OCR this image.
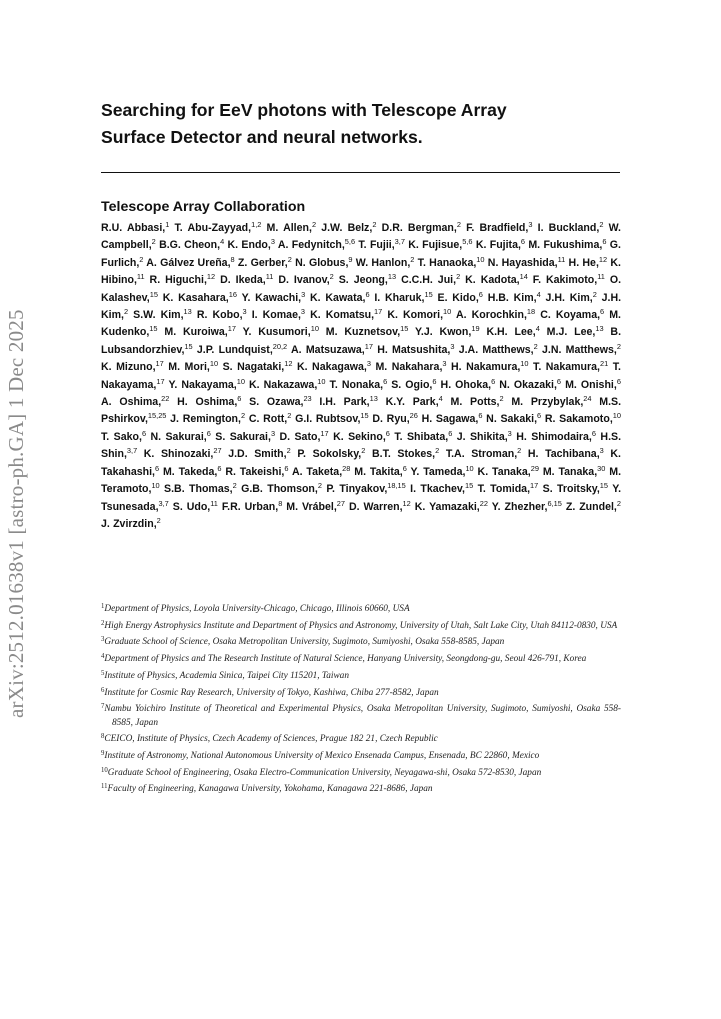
arXiv:2512.01638v1 [astro-ph.GA] 1 Dec 2025
Searching for EeV photons with Telescope Array
Surface Detector and neural networks.
Telescope Array Collaboration
R.U. Abbasi,$^1$ T. Abu-Zayyad,$^{1,2}$ M. Allen,$^2$ J.W. Belz,$^2$ D.R. Bergman,$^2$ F. Bradfield,$^3$ I. Buckland,$^2$ W. Campbell,$^2$ B.G. Cheon,$^4$ K. Endo,$^3$ A. Fedynitch,$^{5,6}$ T. Fujii,$^{3,7}$ K. Fujisue,$^{5,6}$ K. Fujita,$^6$ M. Fukushima,$^6$ G. Furlich,$^2$ A. Gálvez Ureña,$^8$ Z. Gerber,$^2$ N. Globus,$^9$ W. Hanlon,$^2$ T. Hanaoka,$^{10}$ N. Hayashida,$^{11}$ H. He,$^{12}$ K. Hibino,$^{11}$ R. Higuchi,$^{12}$ D. Ikeda,$^{11}$ D. Ivanov,$^2$ S. Jeong,$^{13}$ C.C.H. Jui,$^2$ K. Kadota,$^{14}$ F. Kakimoto,$^{11}$ O. Kalashev,$^{15}$ K. Kasahara,$^{16}$ Y. Kawachi,$^3$ K. Kawata,$^6$ I. Kharuk,$^{15}$ E. Kido,$^6$ H.B. Kim,$^4$ J.H. Kim,$^2$ J.H. Kim,$^2$ S.W. Kim,$^{13}$ R. Kobo,$^3$ I. Komae,$^3$ K. Komatsu,$^{17}$ K. Komori,$^{10}$ A. Korochkin,$^{18}$ C. Koyama,$^6$ M. Kudenko,$^{15}$ M. Kuroiwa,$^{17}$ Y. Kusumori,$^{10}$ M. Kuznetsov,$^{15}$ Y.J. Kwon,$^{19}$ K.H. Lee,$^4$ M.J. Lee,$^{13}$ B. Lubsandorzhiev,$^{15}$ J.P. Lundquist,$^{20,2}$ A. Matsuzawa,$^{17}$ H. Matsushita,$^3$ J.A. Matthews,$^2$ J.N. Matthews,$^2$ K. Mizuno,$^{17}$ M. Mori,$^{10}$ S. Nagataki,$^{12}$ K. Nakagawa,$^3$ M. Nakahara,$^3$ H. Nakamura,$^{10}$ T. Nakamura,$^{21}$ T. Nakayama,$^{17}$ Y. Nakayama,$^{10}$ K. Nakazawa,$^{10}$ T. Nonaka,$^6$ S. Ogio,$^6$ H. Ohoka,$^6$ N. Okazaki,$^6$ M. Onishi,$^6$ A. Oshima,$^{22}$ H. Oshima,$^6$ S. Ozawa,$^{23}$ I.H. Park,$^{13}$ K.Y. Park,$^4$ M. Potts,$^2$ M. Przybylak,$^{24}$ M.S. Pshirkov,$^{15,25}$ J. Remington,$^2$ C. Rott,$^2$ G.I. Rubtsov,$^{15}$ D. Ryu,$^{26}$ H. Sagawa,$^6$ N. Sakaki,$^6$ R. Sakamoto,$^{10}$ T. Sako,$^6$ N. Sakurai,$^6$ S. Sakurai,$^3$ D. Sato,$^{17}$ K. Sekino,$^6$ T. Shibata,$^6$ J. Shikita,$^3$ H. Shimodaira,$^6$ H.S. Shin,$^{3,7}$ K. Shinozaki,$^{27}$ J.D. Smith,$^2$ P. Sokolsky,$^2$ B.T. Stokes,$^2$ T.A. Stroman,$^2$ H. Tachibana,$^3$ K. Takahashi,$^6$ M. Takeda,$^6$ R. Takeishi,$^6$ A. Taketa,$^{28}$ M. Takita,$^6$ Y. Tameda,$^{10}$ K. Tanaka,$^{29}$ M. Tanaka,$^{30}$ M. Teramoto,$^{10}$ S.B. Thomas,$^2$ G.B. Thomson,$^2$ P. Tinyakov,$^{18,15}$ I. Tkachev,$^{15}$ T. Tomida,$^{17}$ S. Troitsky,$^{15}$ Y. Tsunesada,$^{3,7}$ S. Udo,$^{11}$ F.R. Urban,$^8$ M. Vrábel,$^{27}$ D. Warren,$^{12}$ K. Yamazaki,$^{22}$ Y. Zhezher,$^{6,15}$ Z. Zundel,$^2$ J. Zvirzdin,$^2$
$^1$Department of Physics, Loyola University-Chicago, Chicago, Illinois 60660, USA
$^2$High Energy Astrophysics Institute and Department of Physics and Astronomy, University of Utah, Salt Lake City, Utah 84112-0830, USA
$^3$Graduate School of Science, Osaka Metropolitan University, Sugimoto, Sumiyoshi, Osaka 558-8585, Japan
$^4$Department of Physics and The Research Institute of Natural Science, Hanyang University, Seongdong-gu, Seoul 426-791, Korea
$^5$Institute of Physics, Academia Sinica, Taipei City 115201, Taiwan
$^6$Institute for Cosmic Ray Research, University of Tokyo, Kashiwa, Chiba 277-8582, Japan
$^7$Nambu Yoichiro Institute of Theoretical and Experimental Physics, Osaka Metropolitan University, Sugimoto, Sumiyoshi, Osaka 558-8585, Japan
$^8$CEICO, Institute of Physics, Czech Academy of Sciences, Prague 182 21, Czech Republic
$^9$Institute of Astronomy, National Autonomous University of Mexico Ensenada Campus, Ensenada, BC 22860, Mexico
$^{10}$Graduate School of Engineering, Osaka Electro-Communication University, Neyagawa-shi, Osaka 572-8530, Japan
$^{11}$Faculty of Engineering, Kanagawa University, Yokohama, Kanagawa 221-8686, Japan
